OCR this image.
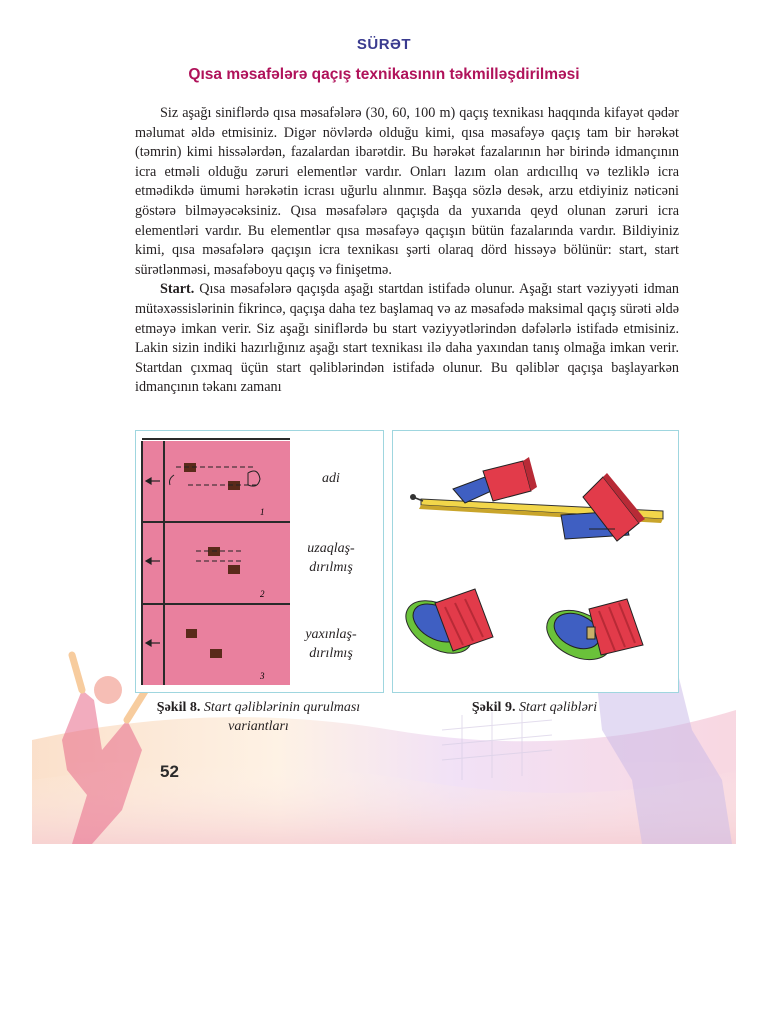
SÜRƏT
Qısa məsafələrə qaçış texnikasının təkmilləşdirilməsi

Siz aşağı siniflərdə qısa məsafələrə (30, 60, 100 m) qaçış texnikası haqqında kifayət qədər məlumat əldə etmisiniz. Digər növlərdə olduğu kimi, qısa məsafəyə qaçış tam bir hərəkət (təmrin) kimi hissələrdən, fazalardan ibarətdir. Bu hərəkət fazalarının hər birində idmançının icra etməli olduğu zəruri elementlər vardır. Onları lazım olan ardıcıllıq və tezliklə icra etmədikdə ümumi hərəkətin icrası uğurlu alınmır. Başqa sözlə desək, arzu etdiyiniz nəticəni göstərə bilməyəcəksiniz. Qısa məsafələrə qaçışda da yuxarıda qeyd olunan zəruri icra elementləri vardır. Bu elementlər qısa məsafəyə qaçışın bütün fazalarında vardır. Bildiyiniz kimi, qısa məsafələrə qaçışın icra texnikası şərti olaraq dörd hissəyə bölünür: start, start sürətlənməsi, məsafəboyu qaçış və finişetmə.

Start. Qısa məsafələrə qaçışda aşağı startdan istifadə olunur. Aşağı start vəziyyəti idman mütəxəssislərinin fikrincə, qaçışa daha tez başlamaq və az məsafədə maksimal qaçış sürəti əldə etməyə imkan verir. Siz aşağı siniflərdə bu start vəziyyətlərindən dəfələrlə istifadə etmisiniz. Lakin sizin indiki hazırlığınız aşağı start texnikası ilə daha yaxından tanış olmağa imkan verir. Startdan çıxmaq üçün start qəliblərindən istifadə olunur. Bu qəliblər qaçışa başlayarkən idmançının təkanı zamanı

1
2
3
adi
uzaqlaş-
dırılmış
yaxınlaş-
dırılmış
Şəkil 8. Start qəliblərinin qurulması variantları
Şəkil 9. Start qəlibləri
52
